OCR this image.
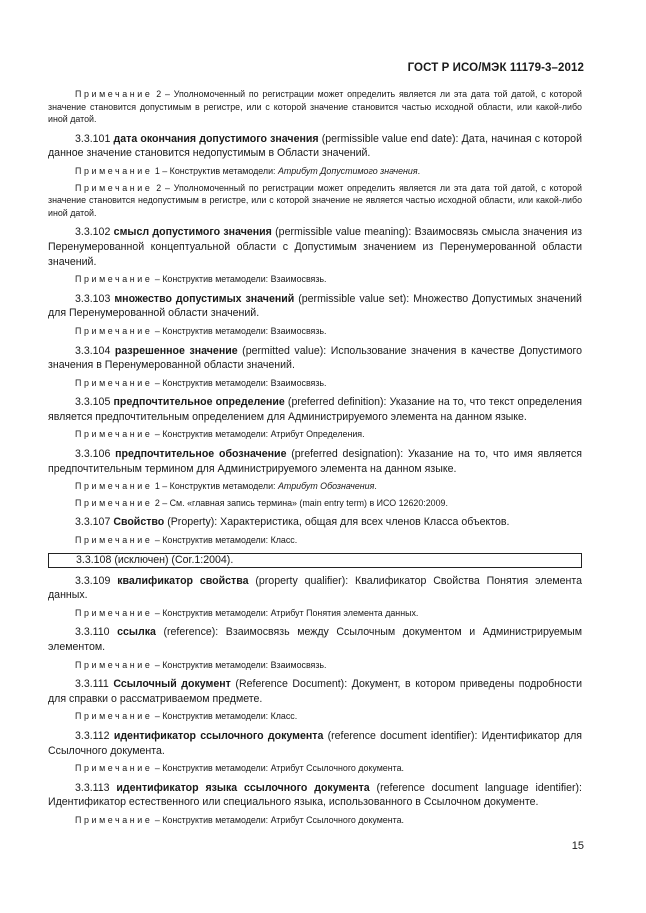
ГОСТ Р ИСО/МЭК 11179-3–2012

Примечание 2 – Уполномоченный по регистрации может определить является ли эта дата той датой, с которой значение становится допустимым в регистре, или с которой значение становится частью исходной области, или какой-либо иной датой.

3.3.101 дата окончания допустимого значения (permissible value end date): Дата, начиная с которой данное значение становится недопустимым в Области значений.

Примечание 1 – Конструктив метамодели: Атрибут Допустимого значения.

Примечание 2 – Уполномоченный по регистрации может определить является ли эта дата той датой, с которой значение становится недопустимым в регистре, или с которой значение не является частью исходной области, или какой-либо иной датой.

3.3.102 смысл допустимого значения (permissible value meaning): Взаимосвязь смысла значения из Перенумерованной концептуальной области с Допустимым значением из Перенумерованной области значений.

Примечание – Конструктив метамодели: Взаимосвязь.

3.3.103 множество допустимых значений (permissible value set): Множество Допустимых значений для Перенумерованной области значений.

Примечание – Конструктив метамодели: Взаимосвязь.

3.3.104 разрешенное значение (permitted value): Использование значения в качестве Допустимого значения в Перенумерованной области значений.

Примечание – Конструктив метамодели: Взаимосвязь.

3.3.105 предпочтительное определение (preferred definition): Указание на то, что текст определения является предпочтительным определением для Администрируемого элемента на данном языке.

Примечание – Конструктив метамодели: Атрибут Определения.

3.3.106 предпочтительное обозначение (preferred designation): Указание на то, что имя является предпочтительным термином для Администрируемого элемента на данном языке.

Примечание 1 – Конструктив метамодели: Атрибут Обозначения.

Примечание 2 – См. «главная запись термина» (main entry term) в ИСО 12620:2009.

3.3.107 Свойство (Property): Характеристика, общая для всех членов Класса объектов.

Примечание – Конструктив метамодели: Класс.

3.3.108 (исключен) (Cor.1:2004).

3.3.109 квалификатор свойства (property qualifier): Квалификатор Свойства Понятия элемента данных.

Примечание – Конструктив метамодели: Атрибут Понятия элемента данных.

3.3.110 ссылка (reference): Взаимосвязь между Ссылочным документом и Администрируемым элементом.

Примечание – Конструктив метамодели: Взаимосвязь.

3.3.111 Ссылочный документ (Reference Document): Документ, в котором приведены подробности для справки о рассматриваемом предмете.

Примечание – Конструктив метамодели: Класс.

3.3.112 идентификатор ссылочного документа (reference document identifier): Идентификатор для Ссылочного документа.

Примечание – Конструктив метамодели: Атрибут Ссылочного документа.

3.3.113 идентификатор языка ссылочного документа (reference document language identifier): Идентификатор естественного или специального языка, использованного в Ссылочном документе.

Примечание – Конструктив метамодели: Атрибут Ссылочного документа.

15
